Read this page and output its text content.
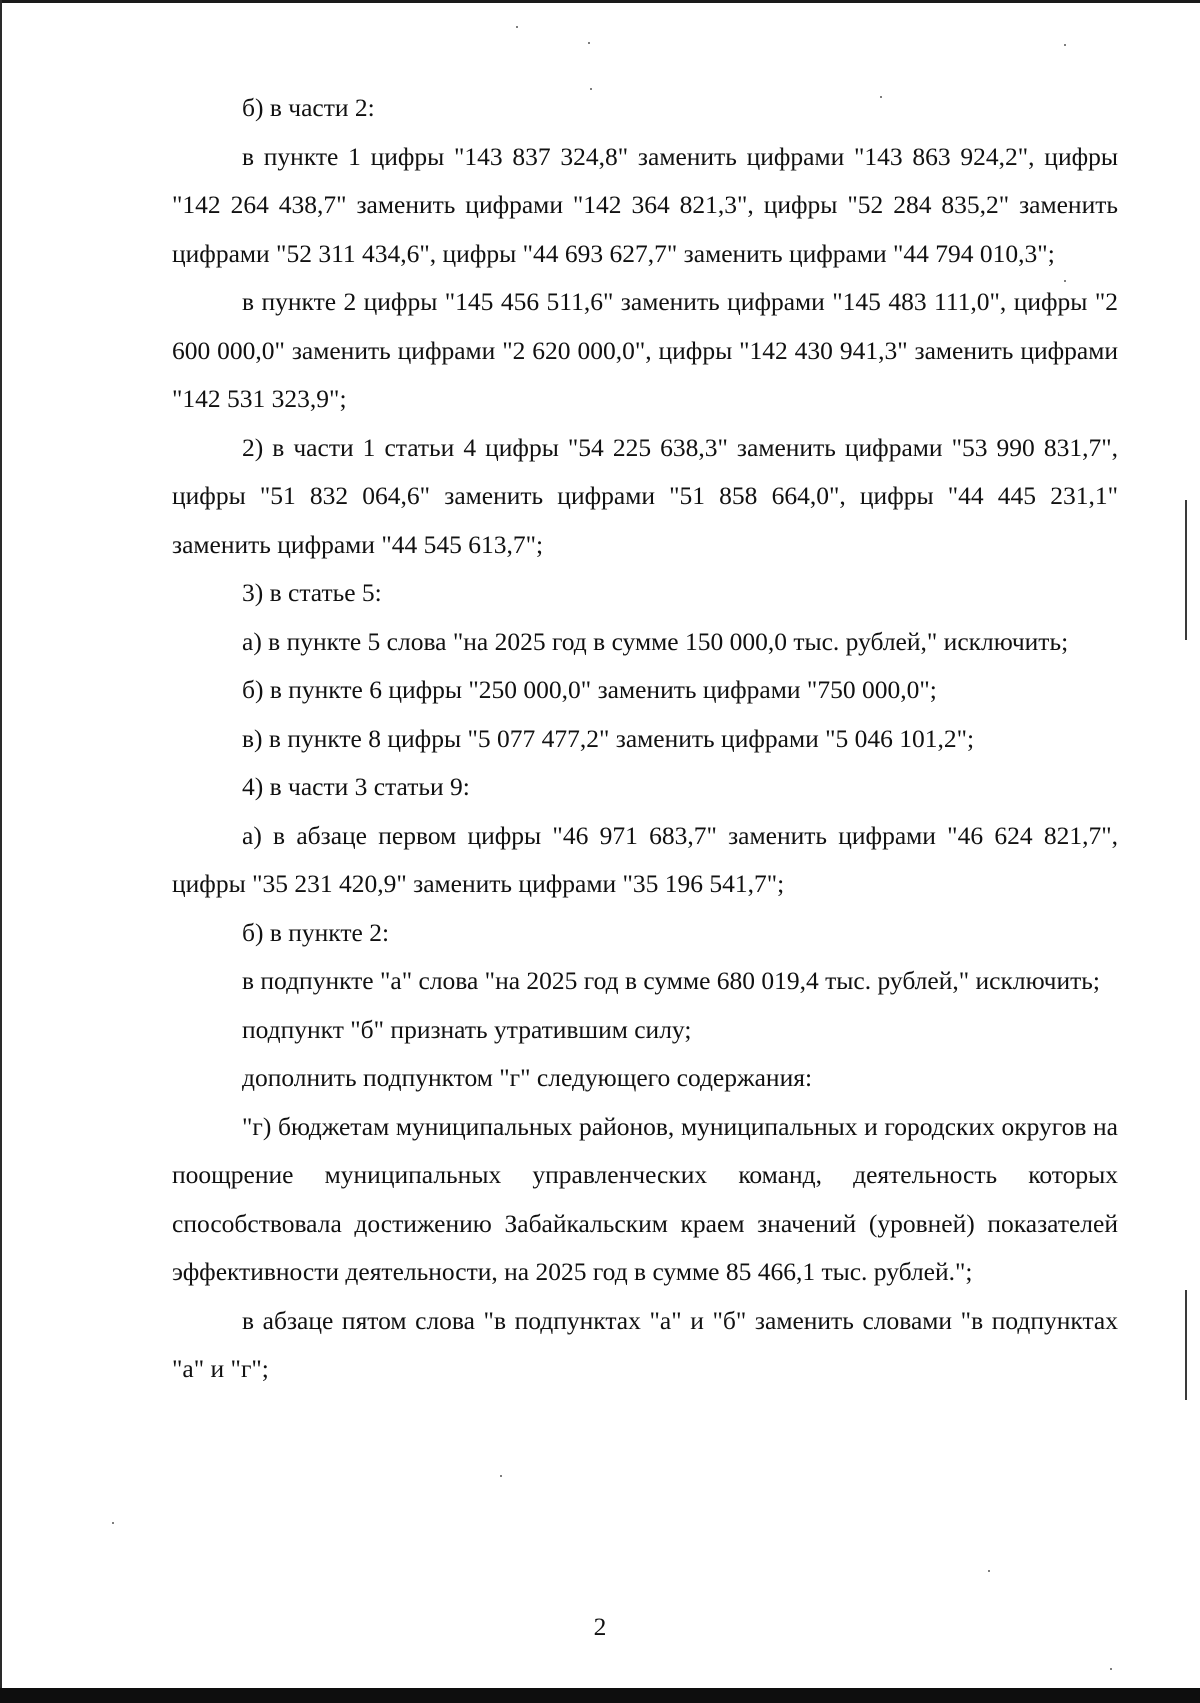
б) в части 2:

в пункте 1 цифры "143 837 324,8" заменить цифрами "143 863 924,2", цифры "142 264 438,7" заменить цифрами "142 364 821,3", цифры "52 284 835,2" заменить цифрами "52 311 434,6", цифры "44 693 627,7" заменить цифрами "44 794 010,3";

в пункте 2 цифры "145 456 511,6" заменить цифрами "145 483 111,0", цифры "2 600 000,0" заменить цифрами "2 620 000,0", цифры "142 430 941,3" заменить цифрами "142 531 323,9";

2) в части 1 статьи 4 цифры "54 225 638,3" заменить цифрами "53 990 831,7", цифры "51 832 064,6" заменить цифрами "51 858 664,0", цифры "44 445 231,1" заменить цифрами "44 545 613,7";

3) в статье 5:

а) в пункте 5 слова "на 2025 год в сумме 150 000,0 тыс. рублей," исключить;

б) в пункте 6 цифры "250 000,0" заменить цифрами "750 000,0";

в) в пункте 8 цифры "5 077 477,2" заменить цифрами "5 046 101,2";

4) в части 3 статьи 9:

а) в абзаце первом цифры "46 971 683,7" заменить цифрами "46 624 821,7", цифры "35 231 420,9" заменить цифрами "35 196 541,7";

б) в пункте 2:

в подпункте "а" слова "на 2025 год в сумме 680 019,4 тыс. рублей," исключить;

подпункт "б" признать утратившим силу;

дополнить подпунктом "г" следующего содержания:

"г) бюджетам муниципальных районов, муниципальных и городских округов на поощрение муниципальных управленческих команд, деятельность которых способствовала достижению Забайкальским краем значений (уровней) показателей эффективности деятельности, на 2025 год в сумме 85 466,1 тыс. рублей.";

в абзаце пятом слова "в подпунктах "а" и "б" заменить словами "в подпунктах "а" и "г";

2
